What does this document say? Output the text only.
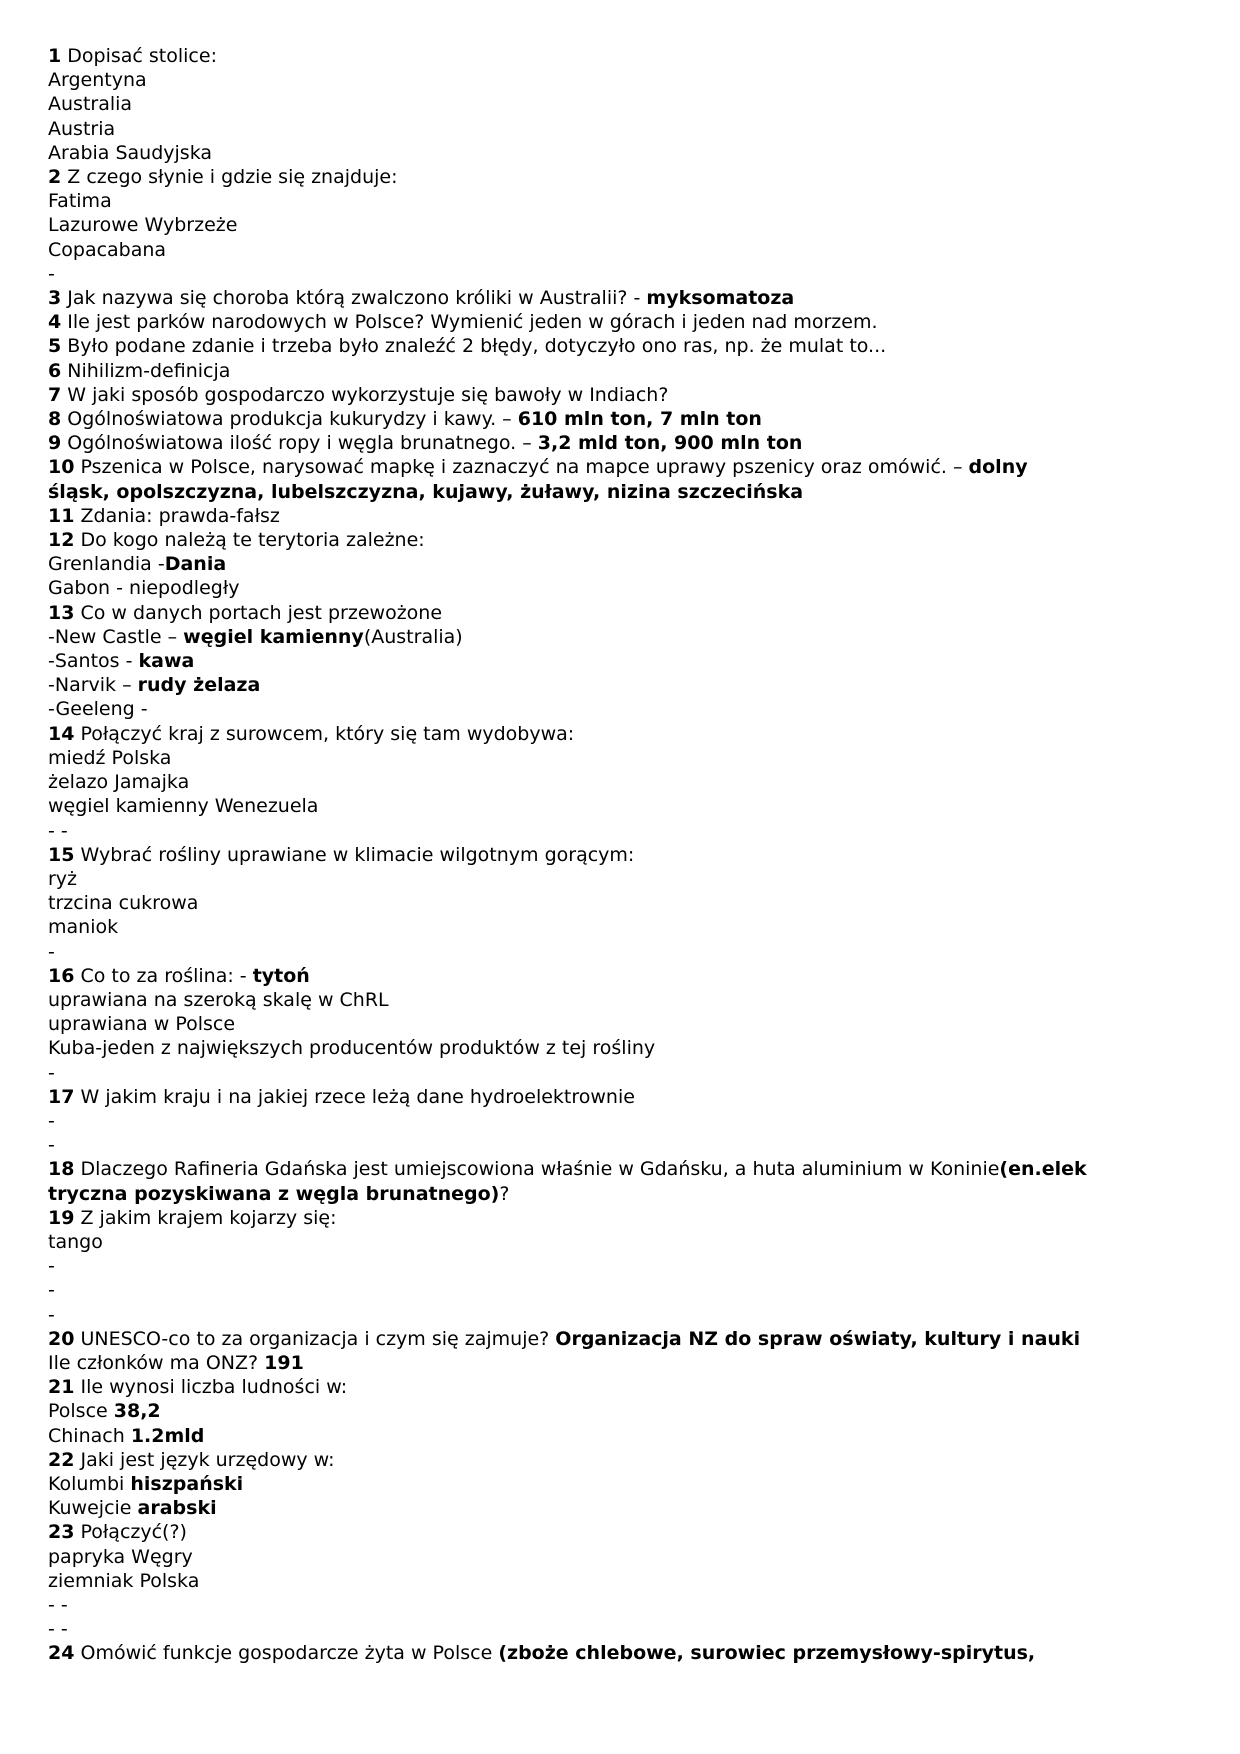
1 Dopisać stolice:
Argentyna
Australia
Austria
Arabia Saudyjska
2 Z czego słynie i gdzie się znajduje:
Fatima
Lazurowe Wybrzeże
Copacabana
-
3 Jak nazywa się choroba którą zwalczono króliki w Australii? - myksomatoza
4 Ile jest parków narodowych w Polsce? Wymienić jeden w górach i jeden nad morzem.
5 Było podane zdanie i trzeba było znaleźć 2 błędy, dotyczyło ono ras, np. że mulat to...
6 Nihilizm-definicja
7 W jaki sposób gospodarczo wykorzystuje się bawoły w Indiach?
8 Ogólnoświatowa produkcja kukurydzy i kawy. – 610 mln ton, 7 mln ton
9 Ogólnoświatowa ilość ropy i węgla brunatnego. – 3,2 mld ton, 900 mln ton
10 Pszenica w Polsce, narysować mapkę i zaznaczyć na mapce uprawy pszenicy oraz omówić. – dolny
śląsk, opolszczyzna, lubelszczyzna, kujawy, żuławy, nizina szczecińska
11 Zdania: prawda-fałsz
12 Do kogo należą te terytoria zależne:
Grenlandia -Dania
Gabon - niepodległy
13 Co w danych portach jest przewożone
-New Castle – węgiel kamienny(Australia)
-Santos - kawa
-Narvik – rudy żelaza
-Geeleng -
14 Połączyć kraj z surowcem, który się tam wydobywa:
miedź Polska
żelazo Jamajka
węgiel kamienny Wenezuela
- -
15 Wybrać rośliny uprawiane w klimacie wilgotnym gorącym:
ryż
trzcina cukrowa
maniok
-
16 Co to za roślina: - tytoń
uprawiana na szeroką skalę w ChRL
uprawiana w Polsce
Kuba-jeden z największych producentów produktów z tej rośliny
-
17 W jakim kraju i na jakiej rzece leżą dane hydroelektrownie
-
-
18 Dlaczego Rafineria Gdańska jest umiejscowiona właśnie w Gdańsku, a huta aluminium w Koninie(en.elek
tryczna pozyskiwana z węgla brunatnego)?
19 Z jakim krajem kojarzy się:
tango
-
-
-
20 UNESCO-co to za organizacja i czym się zajmuje? Organizacja NZ do spraw oświaty, kultury i nauki
Ile członków ma ONZ? 191
21 Ile wynosi liczba ludności w:
Polsce 38,2
Chinach 1.2mld
22 Jaki jest język urzędowy w:
Kolumbi hiszpański
Kuwejcie arabski
23 Połączyć(?)
papryka Węgry
ziemniak Polska
- -
- -
24 Omówić funkcje gospodarcze żyta w Polsce (zboże chlebowe, surowiec przemysłowy-spirytus,
